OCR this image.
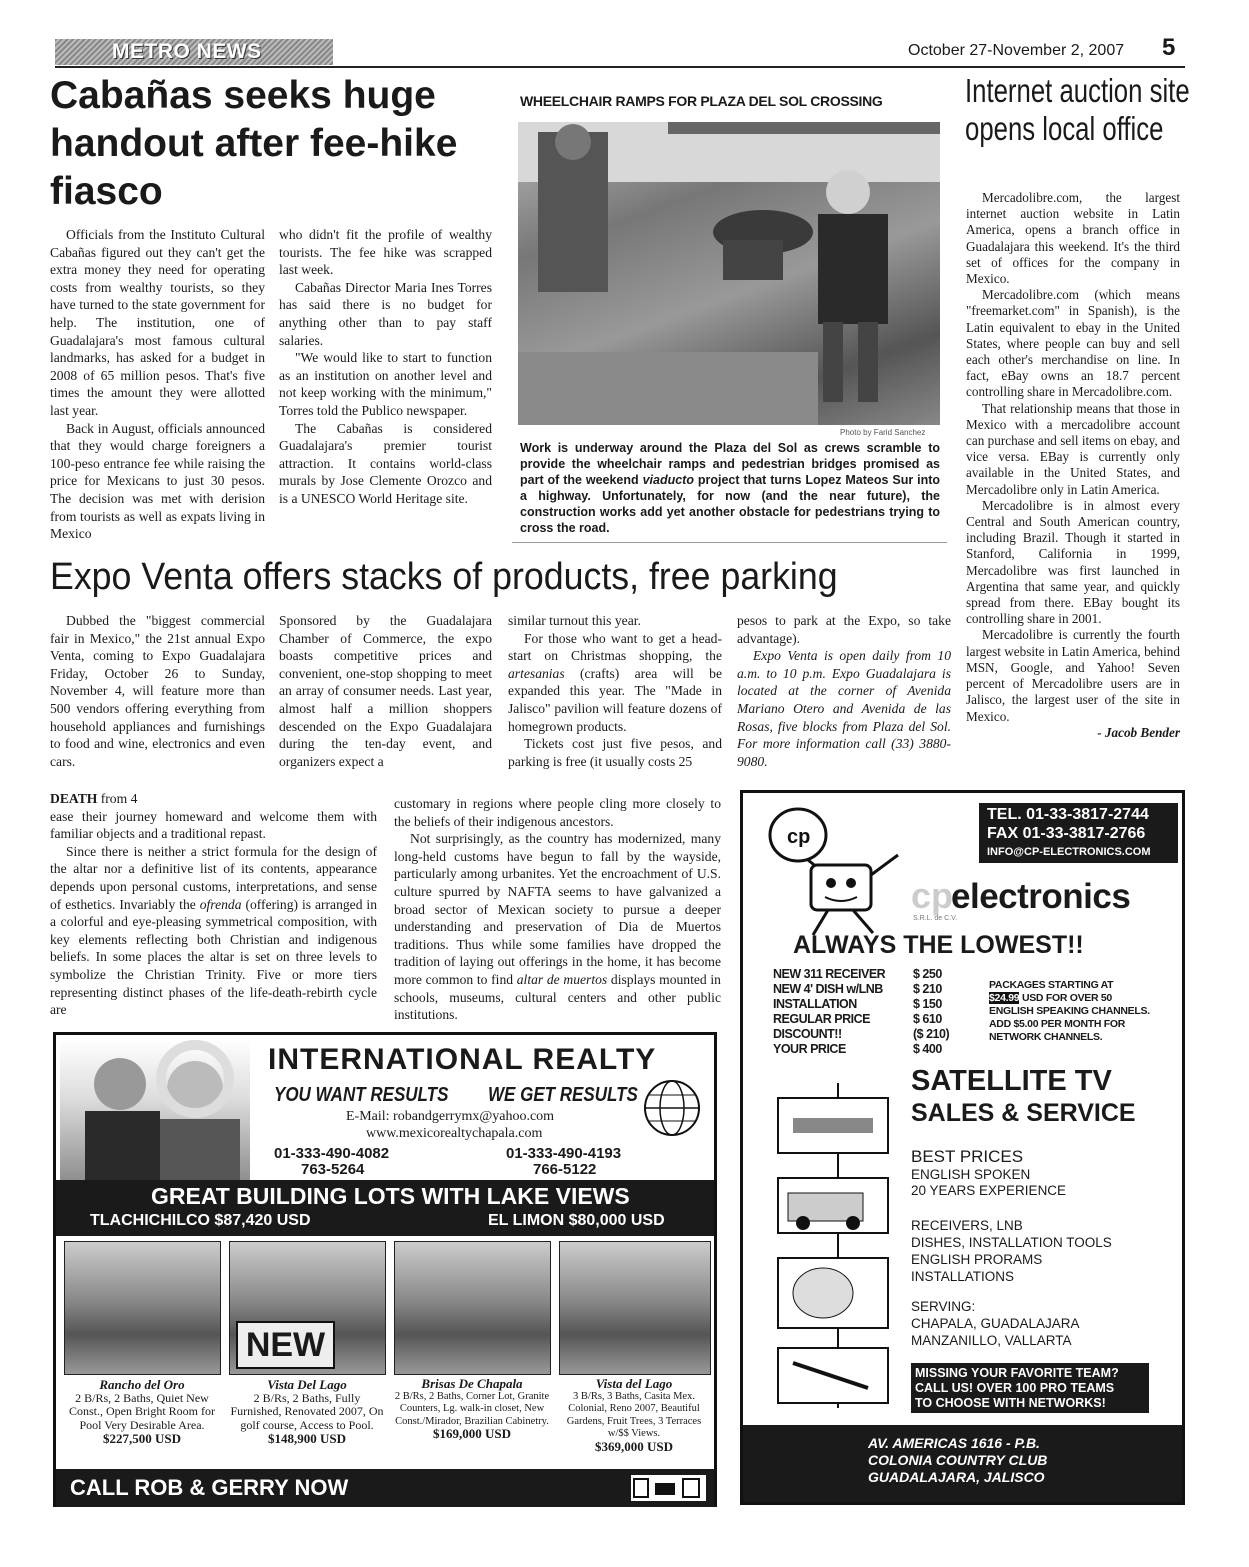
METRO NEWS	October 27-November 2, 2007 5
Cabañas seeks huge handout after fee-hike fiasco

Officials from the Instituto Cultural Cabañas figured out they can't get the extra money they need for operating costs from wealthy tourists, so they have turned to the state government for help. The institution, one of Guadalajara's most famous cultural landmarks, has asked for a budget in 2008 of 65 million pesos. That's five times the amount they were allotted last year.

Back in August, officials announced that they would charge foreigners a 100-peso entrance fee while raising the price for Mexicans to just 30 pesos. The decision was met with derision from tourists as well as expats living in Mexico

who didn't fit the profile of wealthy tourists. The fee hike was scrapped last week.

Cabañas Director Maria Ines Torres has said there is no budget for anything other than to pay staff salaries.

"We would like to start to function as an institution on another level and not keep working with the minimum," Torres told the Publico newspaper.

The Cabañas is considered Guadalajara's premier tourist attraction. It contains world-class murals by Jose Clemente Orozco and is a UNESCO World Heritage site.

WHEELCHAIR RAMPS FOR PLAZA DEL SOL CROSSING
Photo by Farid Sanchez
Work is underway around the Plaza del Sol as crews scramble to provide the wheelchair ramps and pedestrian bridges promised as part of the weekend viaducto project that turns Lopez Mateos Sur into a highway. Unfortunately, for now (and the near future), the construction works add yet another obstacle for pedestrians trying to cross the road.
Internet auction site opens local office

Mercadolibre.com, the largest internet auction website in Latin America, opens a branch office in Guadalajara this weekend. It's the third set of offices for the company in Mexico.

Mercadolibre.com (which means "freemarket.com" in Spanish), is the Latin equivalent to ebay in the United States, where people can buy and sell each other's merchandise on line. In fact, eBay owns an 18.7 percent controlling share in Mercadolibre.com.

That relationship means that those in Mexico with a mercadolibre account can purchase and sell items on ebay, and vice versa. EBay is currently only available in the United States, and Mercadolibre only in Latin America.

Mercadolibre is in almost every Central and South American country, including Brazil. Though it started in Stanford, California in 1999, Mercadolibre was first launched in Argentina that same year, and quickly spread from there. EBay bought its controlling share in 2001.

Mercadolibre is currently the fourth largest website in Latin America, behind MSN, Google, and Yahoo! Seven percent of Mercadolibre users are in Jalisco, the largest user of the site in Mexico.

- Jacob Bender

Expo Venta offers stacks of products, free parking

Dubbed the "biggest commercial fair in Mexico," the 21st annual Expo Venta, coming to Expo Guadalajara Friday, October 26 to Sunday, November 4, will feature more than 500 vendors offering everything from household appliances and furnishings to food and wine, electronics and even cars.

Sponsored by the Guadalajara Chamber of Commerce, the expo boasts competitive prices and convenient, one-stop shopping to meet an array of consumer needs. Last year, almost half a million shoppers descended on the Expo Guadalajara during the ten-day event, and organizers expect a

similar turnout this year.

For those who want to get a head-start on Christmas shopping, the artesanias (crafts) area will be expanded this year. The "Made in Jalisco" pavilion will feature dozens of homegrown products.

Tickets cost just five pesos, and parking is free (it usually costs 25

pesos to park at the Expo, so take advantage).

Expo Venta is open daily from 10 a.m. to 10 p.m. Expo Guadalajara is located at the corner of Avenida Mariano Otero and Avenida de las Rosas, five blocks from Plaza del Sol. For more information call (33) 3880-9080.

DEATH from 4

ease their journey homeward and welcome them with familiar objects and a traditional repast.

Since there is neither a strict formula for the design of the altar nor a definitive list of its contents, appearance depends upon personal customs, interpretations, and sense of esthetics. Invariably the ofrenda (offering) is arranged in a colorful and eye-pleasing symmetrical composition, with key elements reflecting both Christian and indigenous beliefs. In some places the altar is set on three levels to symbolize the Christian Trinity. Five or more tiers representing distinct phases of the life-death-rebirth cycle are

customary in regions where people cling more closely to the beliefs of their indigenous ancestors.

Not surprisingly, as the country has modernized, many long-held customs have begun to fall by the wayside, particularly among urbanites. Yet the encroachment of U.S. culture spurred by NAFTA seems to have galvanized a broad sector of Mexican society to pursue a deeper understanding and preservation of Dia de Muertos traditions. Thus while some families have dropped the tradition of laying out offerings in the home, it has become more common to find altar de muertos displays mounted in schools, museums, cultural centers and other public institutions.

INTERNATIONAL REALTY
YOU WANT RESULTS WE GET RESULTS
E-Mail: robandgerrymx@yahoo.com
www.mexicorealtychapala.com
01-333-490-4082
763-5264
01-333-490-4193
766-5122
GREAT BUILDING LOTS WITH LAKE VIEWS
TLACHICHILCO $87,420 USD	EL LIMON $80,000 USD
NEW
Rancho del Oro
2 B/Rs, 2 Baths, Quiet New Const., Open Bright Room for Pool Very Desirable Area.
$227,500 USD
Vista Del Lago
2 B/Rs, 2 Baths, Fully Furnished, Renovated 2007, On golf course, Access to Pool.
$148,900 USD
Brisas De Chapala
2 B/Rs, 2 Baths, Corner Lot, Granite Counters, Lg. walk-in closet, New Const./Mirador, Brazilian Cabinetry.
$169,000 USD
Vista del Lago
3 B/Rs, 3 Baths, Casita Mex. Colonial, Reno 2007, Beautiful Gardens, Fruit Trees, 3 Terraces w/$$ Views.
$369,000 USD
CALL ROB & GERRY NOW
TEL. 01-33-3817-2744
FAX 01-33-3817-2766
INFO@CP-ELECTRONICS.COM
cp
cp
electronics
S.R.L. de C.V.
ALWAYS THE LOWEST!!
NEW 311 RECEIVER $ 250
NEW 4' DISH w/LNB $ 210
INSTALLATION	$ 150
REGULAR PRICE	$ 610
DISCOUNT!!	($ 210)
YOUR PRICE	$ 400
PACKAGES STARTING AT
$24.99 USD FOR OVER 50
ENGLISH SPEAKING CHANNELS.
ADD $5.00 PER MONTH FOR
NETWORK CHANNELS.
SATELLITE TV
SALES & SERVICE
BEST PRICES
ENGLISH SPOKEN
20 YEARS EXPERIENCE
RECEIVERS, LNB
DISHES, INSTALLATION TOOLS
ENGLISH PRORAMS
INSTALLATIONS
SERVING:
CHAPALA, GUADALAJARA
MANZANILLO, VALLARTA
MISSING YOUR FAVORITE TEAM?
CALL US! OVER 100 PRO TEAMS
TO CHOOSE WITH NETWORKS!
AV. AMERICAS 1616 - P.B.
COLONIA COUNTRY CLUB
GUADALAJARA, JALISCO
